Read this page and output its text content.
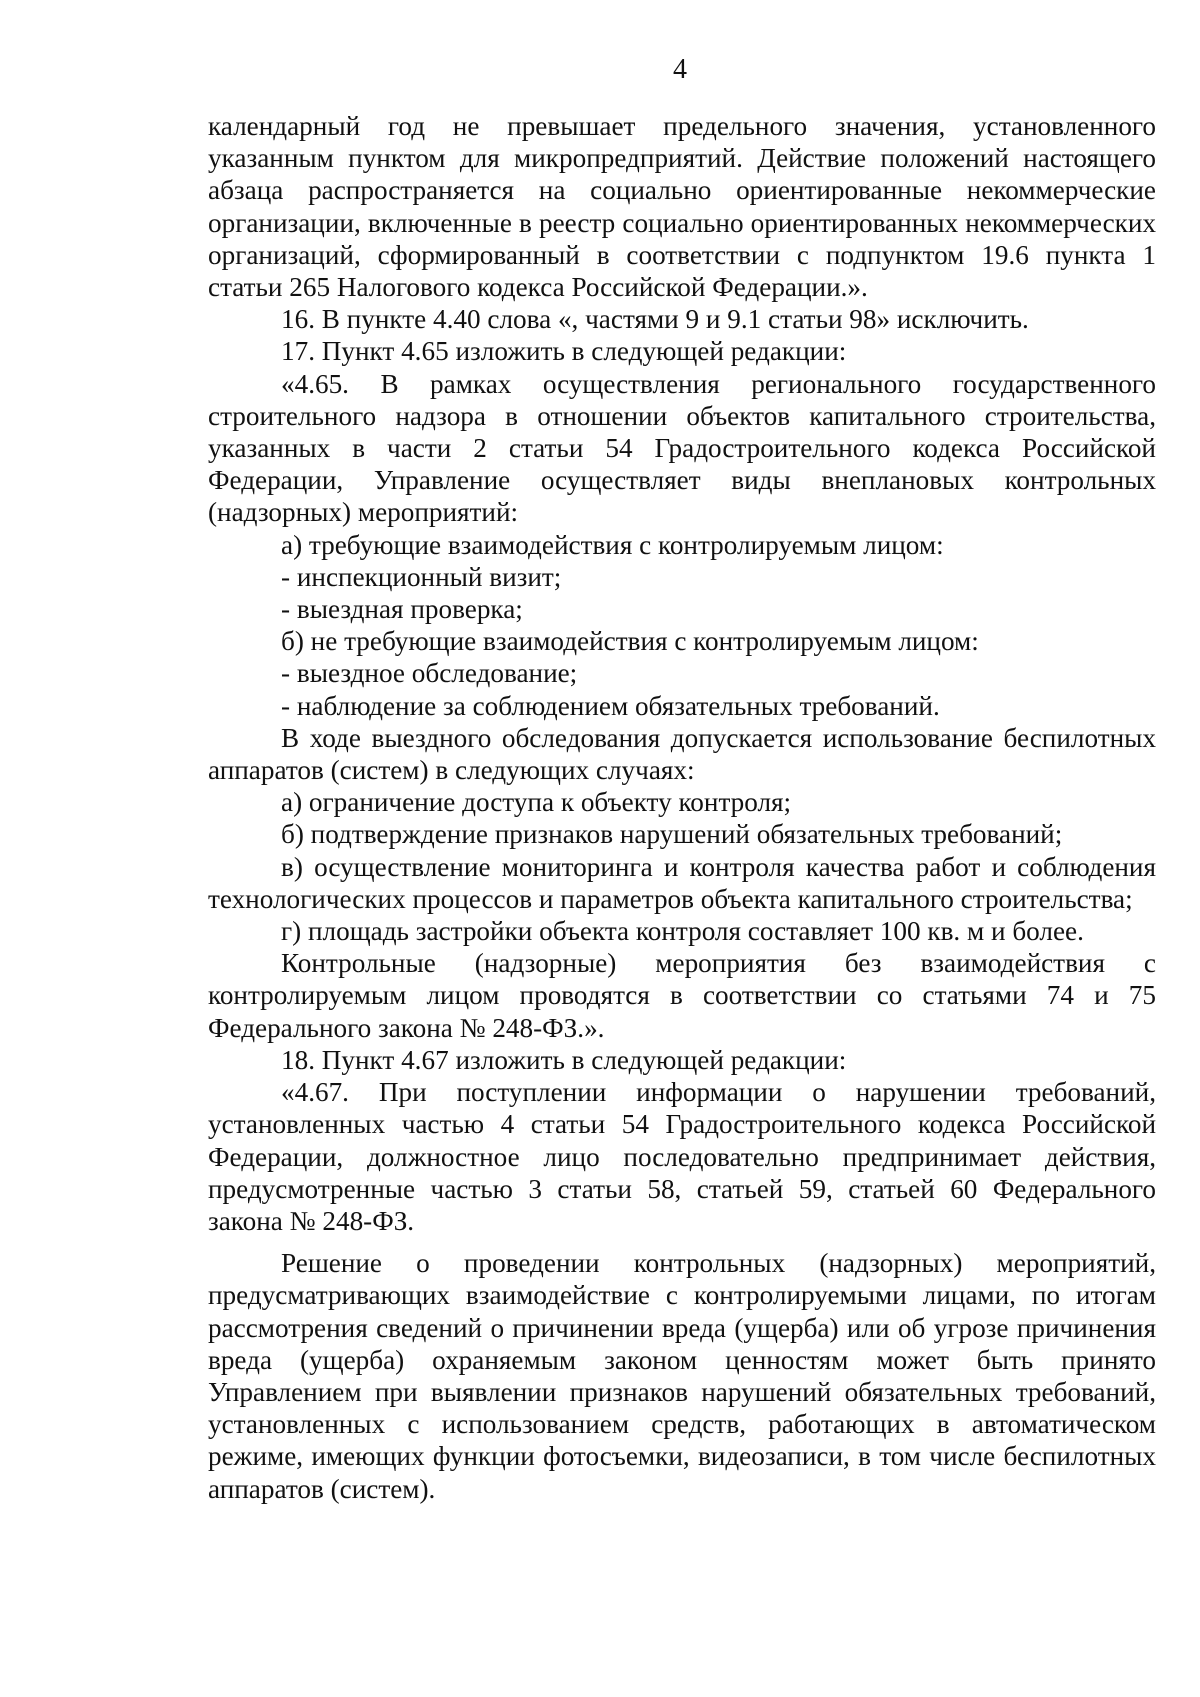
4

календарный год не превышает предельного значения, установленного указанным пунктом для микропредприятий. Действие положений настоящего абзаца распространяется на социально ориентированные некоммерческие организации, включенные в реестр социально ориентированных некоммерческих организаций, сформированный в соответствии с подпунктом 19.6 пункта 1 статьи 265 Налогового кодекса Российской Федерации.».

16. В пункте 4.40 слова «, частями 9 и 9.1 статьи 98» исключить.

17. Пункт 4.65 изложить в следующей редакции:

«4.65. В рамках осуществления регионального государственного строительного надзора в отношении объектов капитального строительства, указанных в части 2 статьи 54 Градостроительного кодекса Российской Федерации, Управление осуществляет виды внеплановых контрольных (надзорных) мероприятий:

а) требующие взаимодействия с контролируемым лицом:

- инспекционный визит;

- выездная проверка;

б) не требующие взаимодействия с контролируемым лицом:

- выездное обследование;

- наблюдение за соблюдением обязательных требований.

В ходе выездного обследования допускается использование беспилотных аппаратов (систем) в следующих случаях:

а) ограничение доступа к объекту контроля;

б) подтверждение признаков нарушений обязательных требований;

в) осуществление мониторинга и контроля качества работ и соблюдения технологических процессов и параметров объекта капитального строительства;

г) площадь застройки объекта контроля составляет 100 кв. м и более.

Контрольные (надзорные) мероприятия без взаимодействия с контролируемым лицом проводятся в соответствии со статьями 74 и 75 Федерального закона № 248-ФЗ.».

18. Пункт 4.67 изложить в следующей редакции:

«4.67. При поступлении информации о нарушении требований, установленных частью 4 статьи 54 Градостроительного кодекса Российской Федерации, должностное лицо последовательно предпринимает действия, предусмотренные частью 3 статьи 58, статьей 59, статьей 60 Федерального закона № 248-ФЗ.

Решение о проведении контрольных (надзорных) мероприятий, предусматривающих взаимодействие с контролируемыми лицами, по итогам рассмотрения сведений о причинении вреда (ущерба) или об угрозе причинения вреда (ущерба) охраняемым законом ценностям может быть принято Управлением при выявлении признаков нарушений обязательных требований, установленных с использованием средств, работающих в автоматическом режиме, имеющих функции фотосъемки, видеозаписи, в том числе беспилотных аппаратов (систем).
